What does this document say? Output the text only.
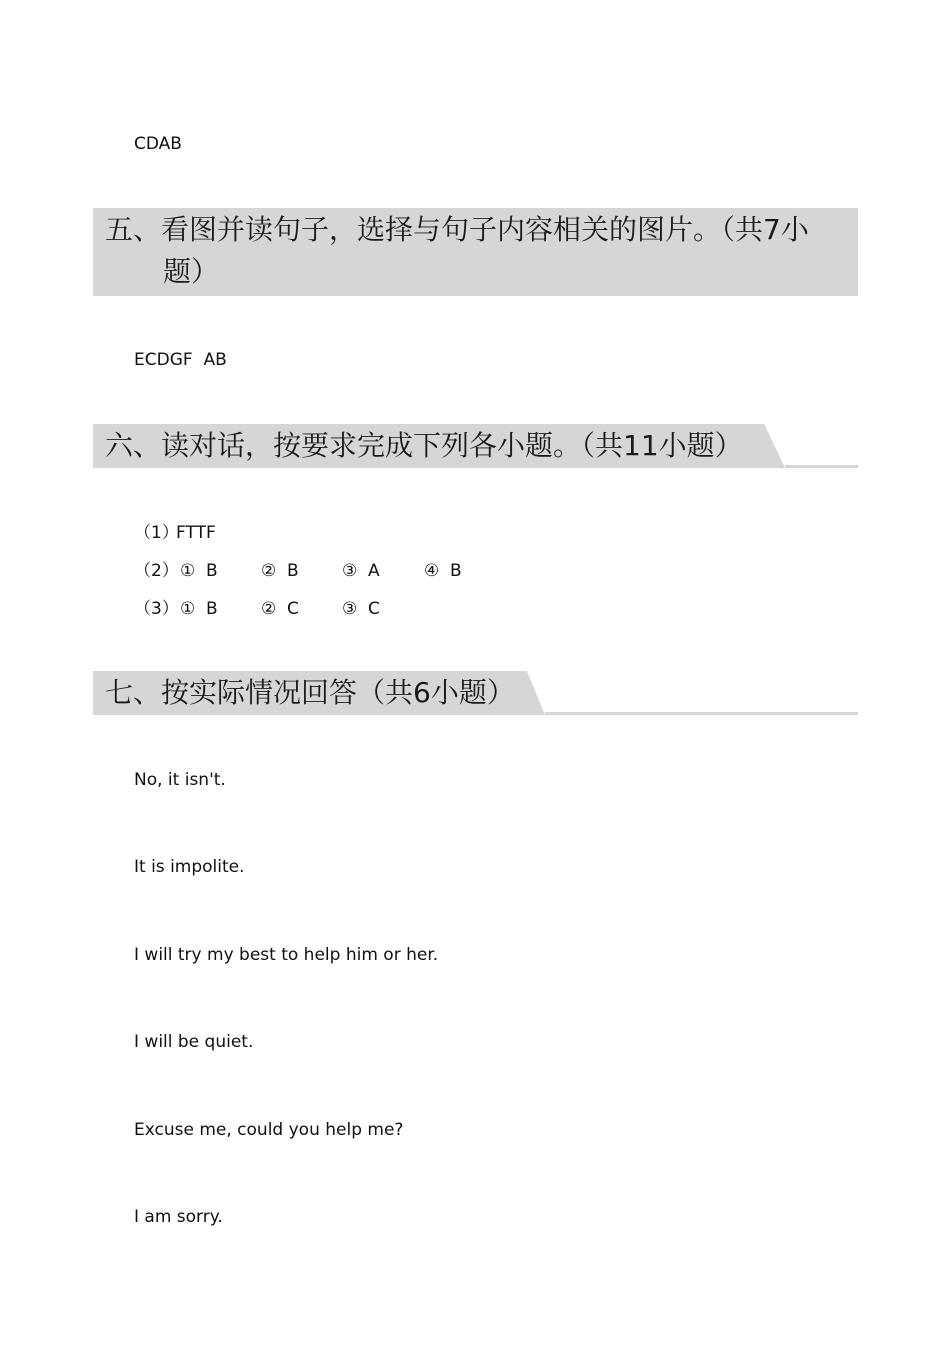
CDAB
五、看图并读句子，选择与句子内容相关的图片。（共7小
题）
ECDGF  AB
六、读对话，按要求完成下列各小题。（共11小题）

（1）

FTTF

（2）

①  B

	②  B

	③  A

	④  B

（3）

①  B

	②  C

	③  C

七、按实际情况回答（共6小题）
No, it isn't.
It is impolite.
I will try my best to help him or her.
I will be quiet.
Excuse me, could you help me?
I am sorry.
